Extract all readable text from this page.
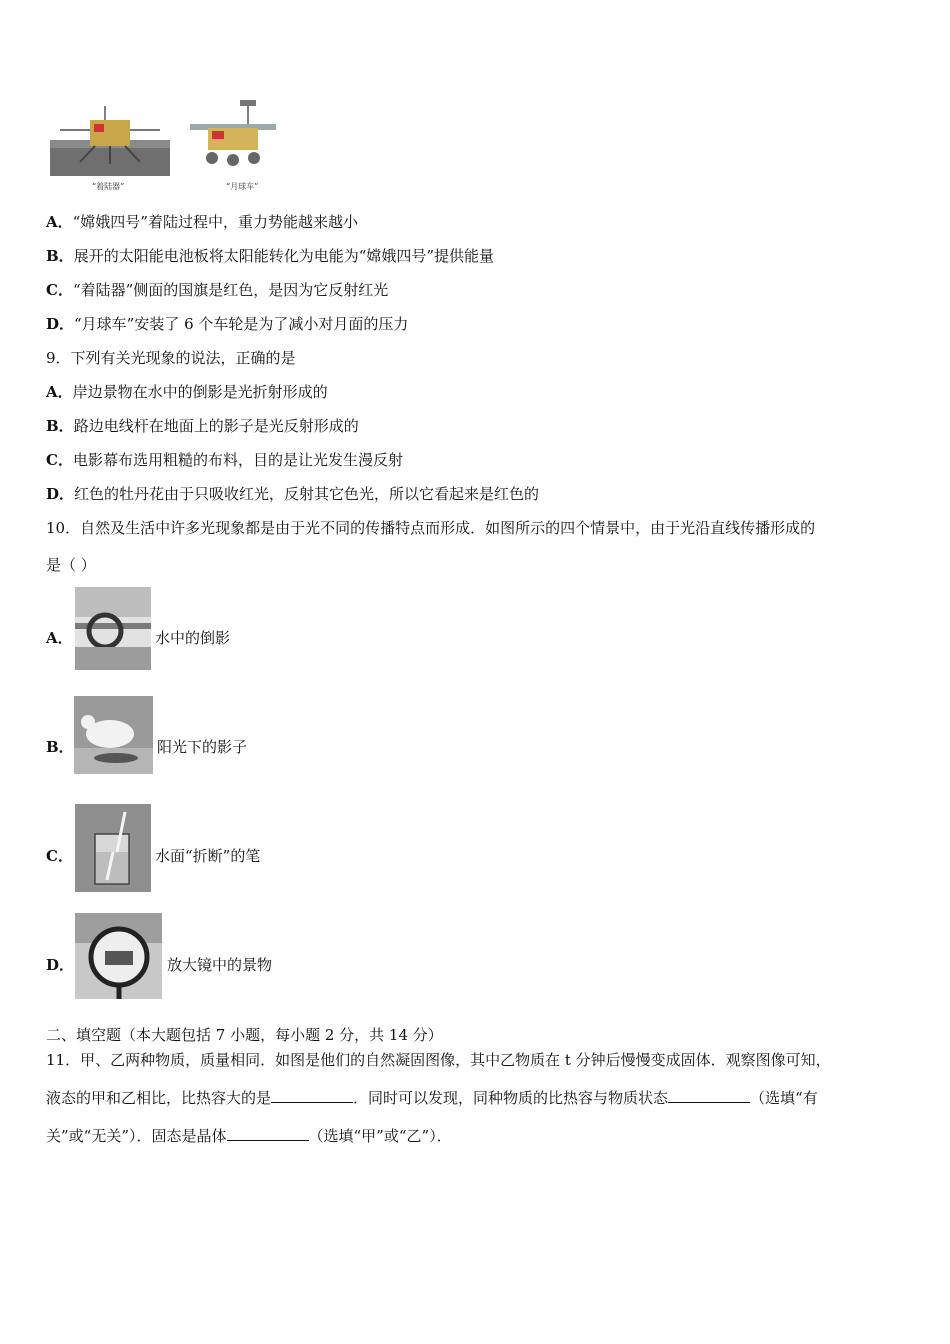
“着陆器”	“月球车”
A．“嫦娥四号”着陆过程中，重力势能越来越小
B．展开的太阳能电池板将太阳能转化为电能为“嫦娥四号”提供能量
C．“着陆器”侧面的国旗是红色，是因为它反射红光
D．“月球车”安装了 6 个车轮是为了减小对月面的压力
9．下列有关光现象的说法，正确的是
A．岸边景物在水中的倒影是光折射形成的
B．路边电线杆在地面上的影子是光反射形成的
C．电影幕布选用粗糙的布料，目的是让光发生漫反射
D．红色的牡丹花由于只吸收红光，反射其它色光，所以它看起来是红色的
10．自然及生活中许多光现象都是由于光不同的传播特点而形成．如图所示的四个情景中，由于光沿直线传播形成的
是（ ）
A．	水中的倒影
B．	阳光下的影子
C．	水面“折断”的笔
D．	放大镜中的景物
二、填空题（本大题包括 7 小题，每小题 2 分，共 14 分）
11．甲、乙两种物质，质量相同．如图是他们的自然凝固图像，其中乙物质在 t 分钟后慢慢变成固体．观察图像可知，
液态的甲和乙相比，比热容大的是	．同时可以发现，同种物质的比热容与物质状态	（选填“有
关”或“无关”）．固态是晶体	（选填“甲”或“乙”）．
